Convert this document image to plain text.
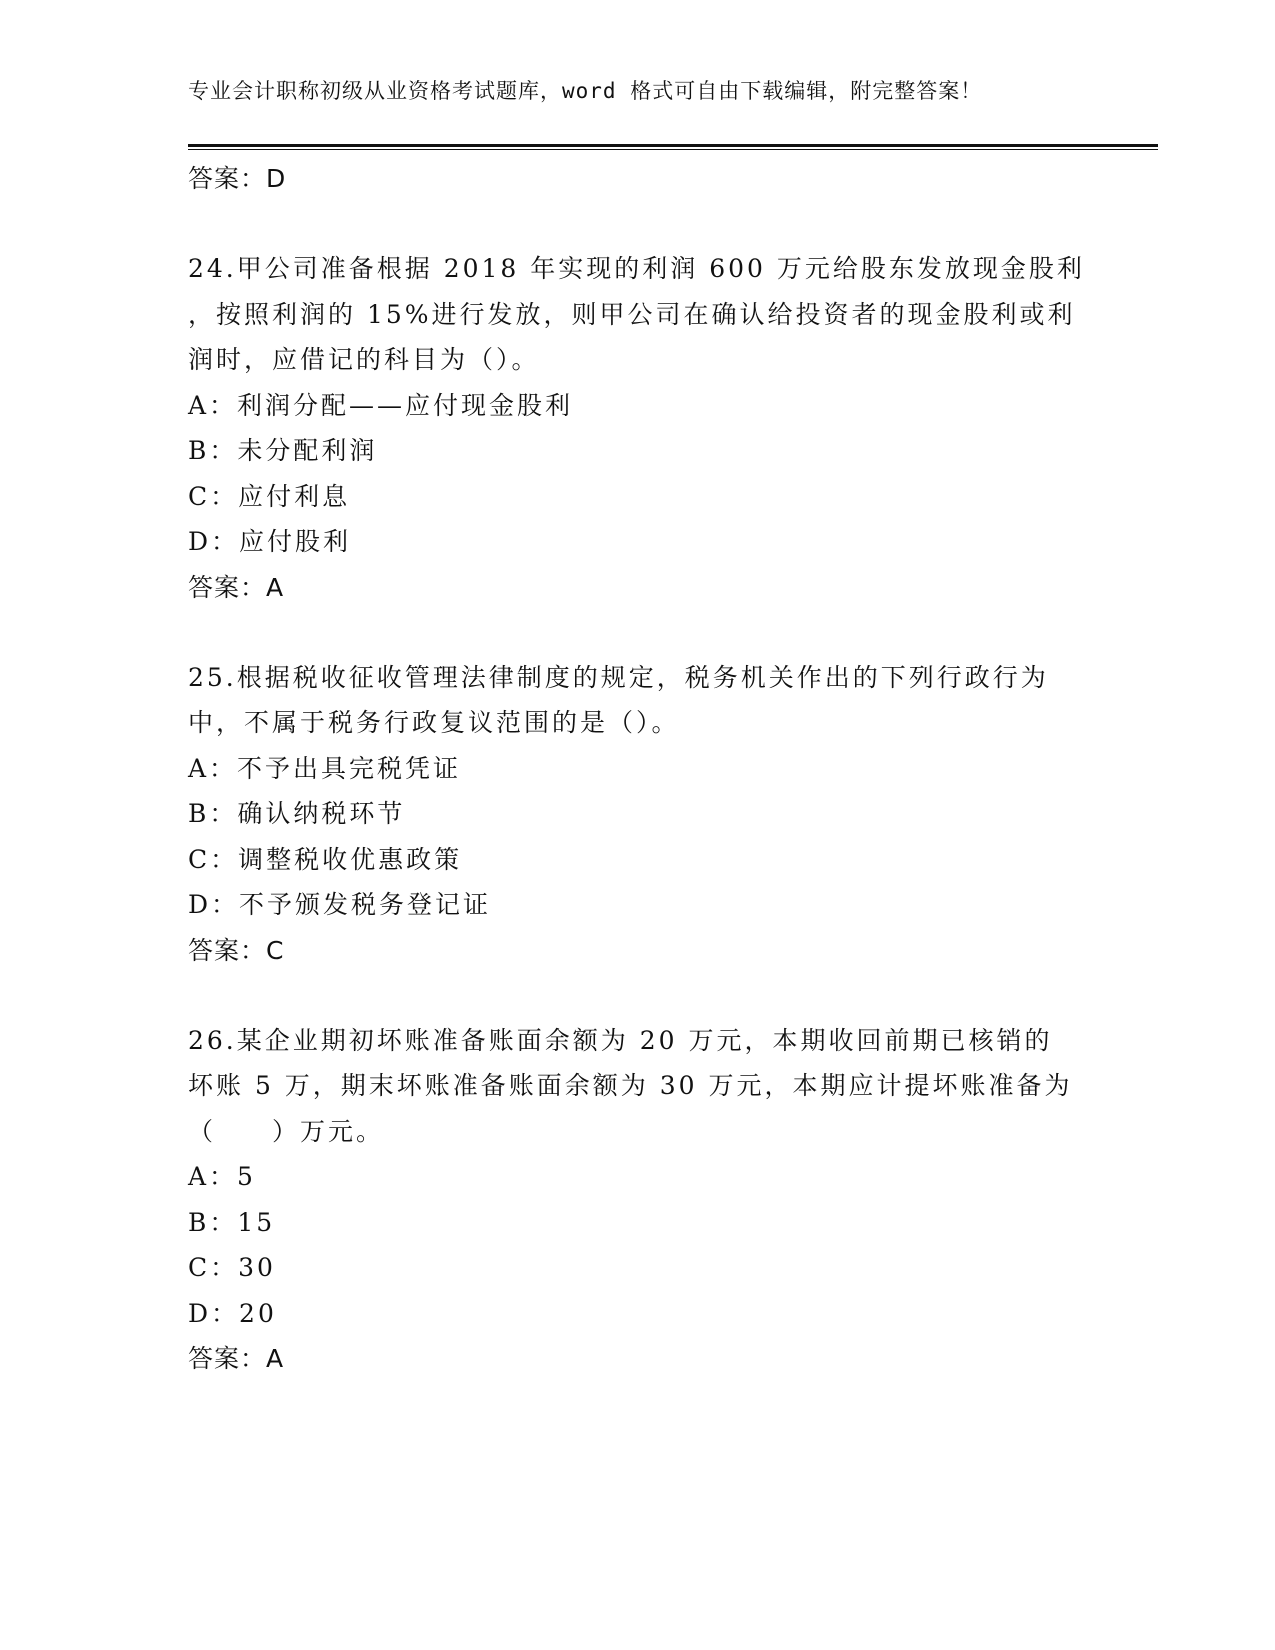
专业会计职称初级从业资格考试题库，word 格式可自由下载编辑，附完整答案！
答案：D
24.甲公司准备根据 2018 年实现的利润 600 万元给股东发放现金股利
，按照利润的 15%进行发放，则甲公司在确认给投资者的现金股利或利
润时，应借记的科目为（）。
A：利润分配——应付现金股利
B：未分配利润
C：应付利息
D：应付股利
答案：A
25.根据税收征收管理法律制度的规定，税务机关作出的下列行政行为
中，不属于税务行政复议范围的是（）。
A：不予出具完税凭证
B：确认纳税环节
C：调整税收优惠政策
D：不予颁发税务登记证
答案：C
26.某企业期初坏账准备账面余额为 20 万元，本期收回前期已核销的
坏账 5 万，期末坏账准备账面余额为 30 万元，本期应计提坏账准备为
（　　）万元。
A：5
B：15
C：30
D：20
答案：A
